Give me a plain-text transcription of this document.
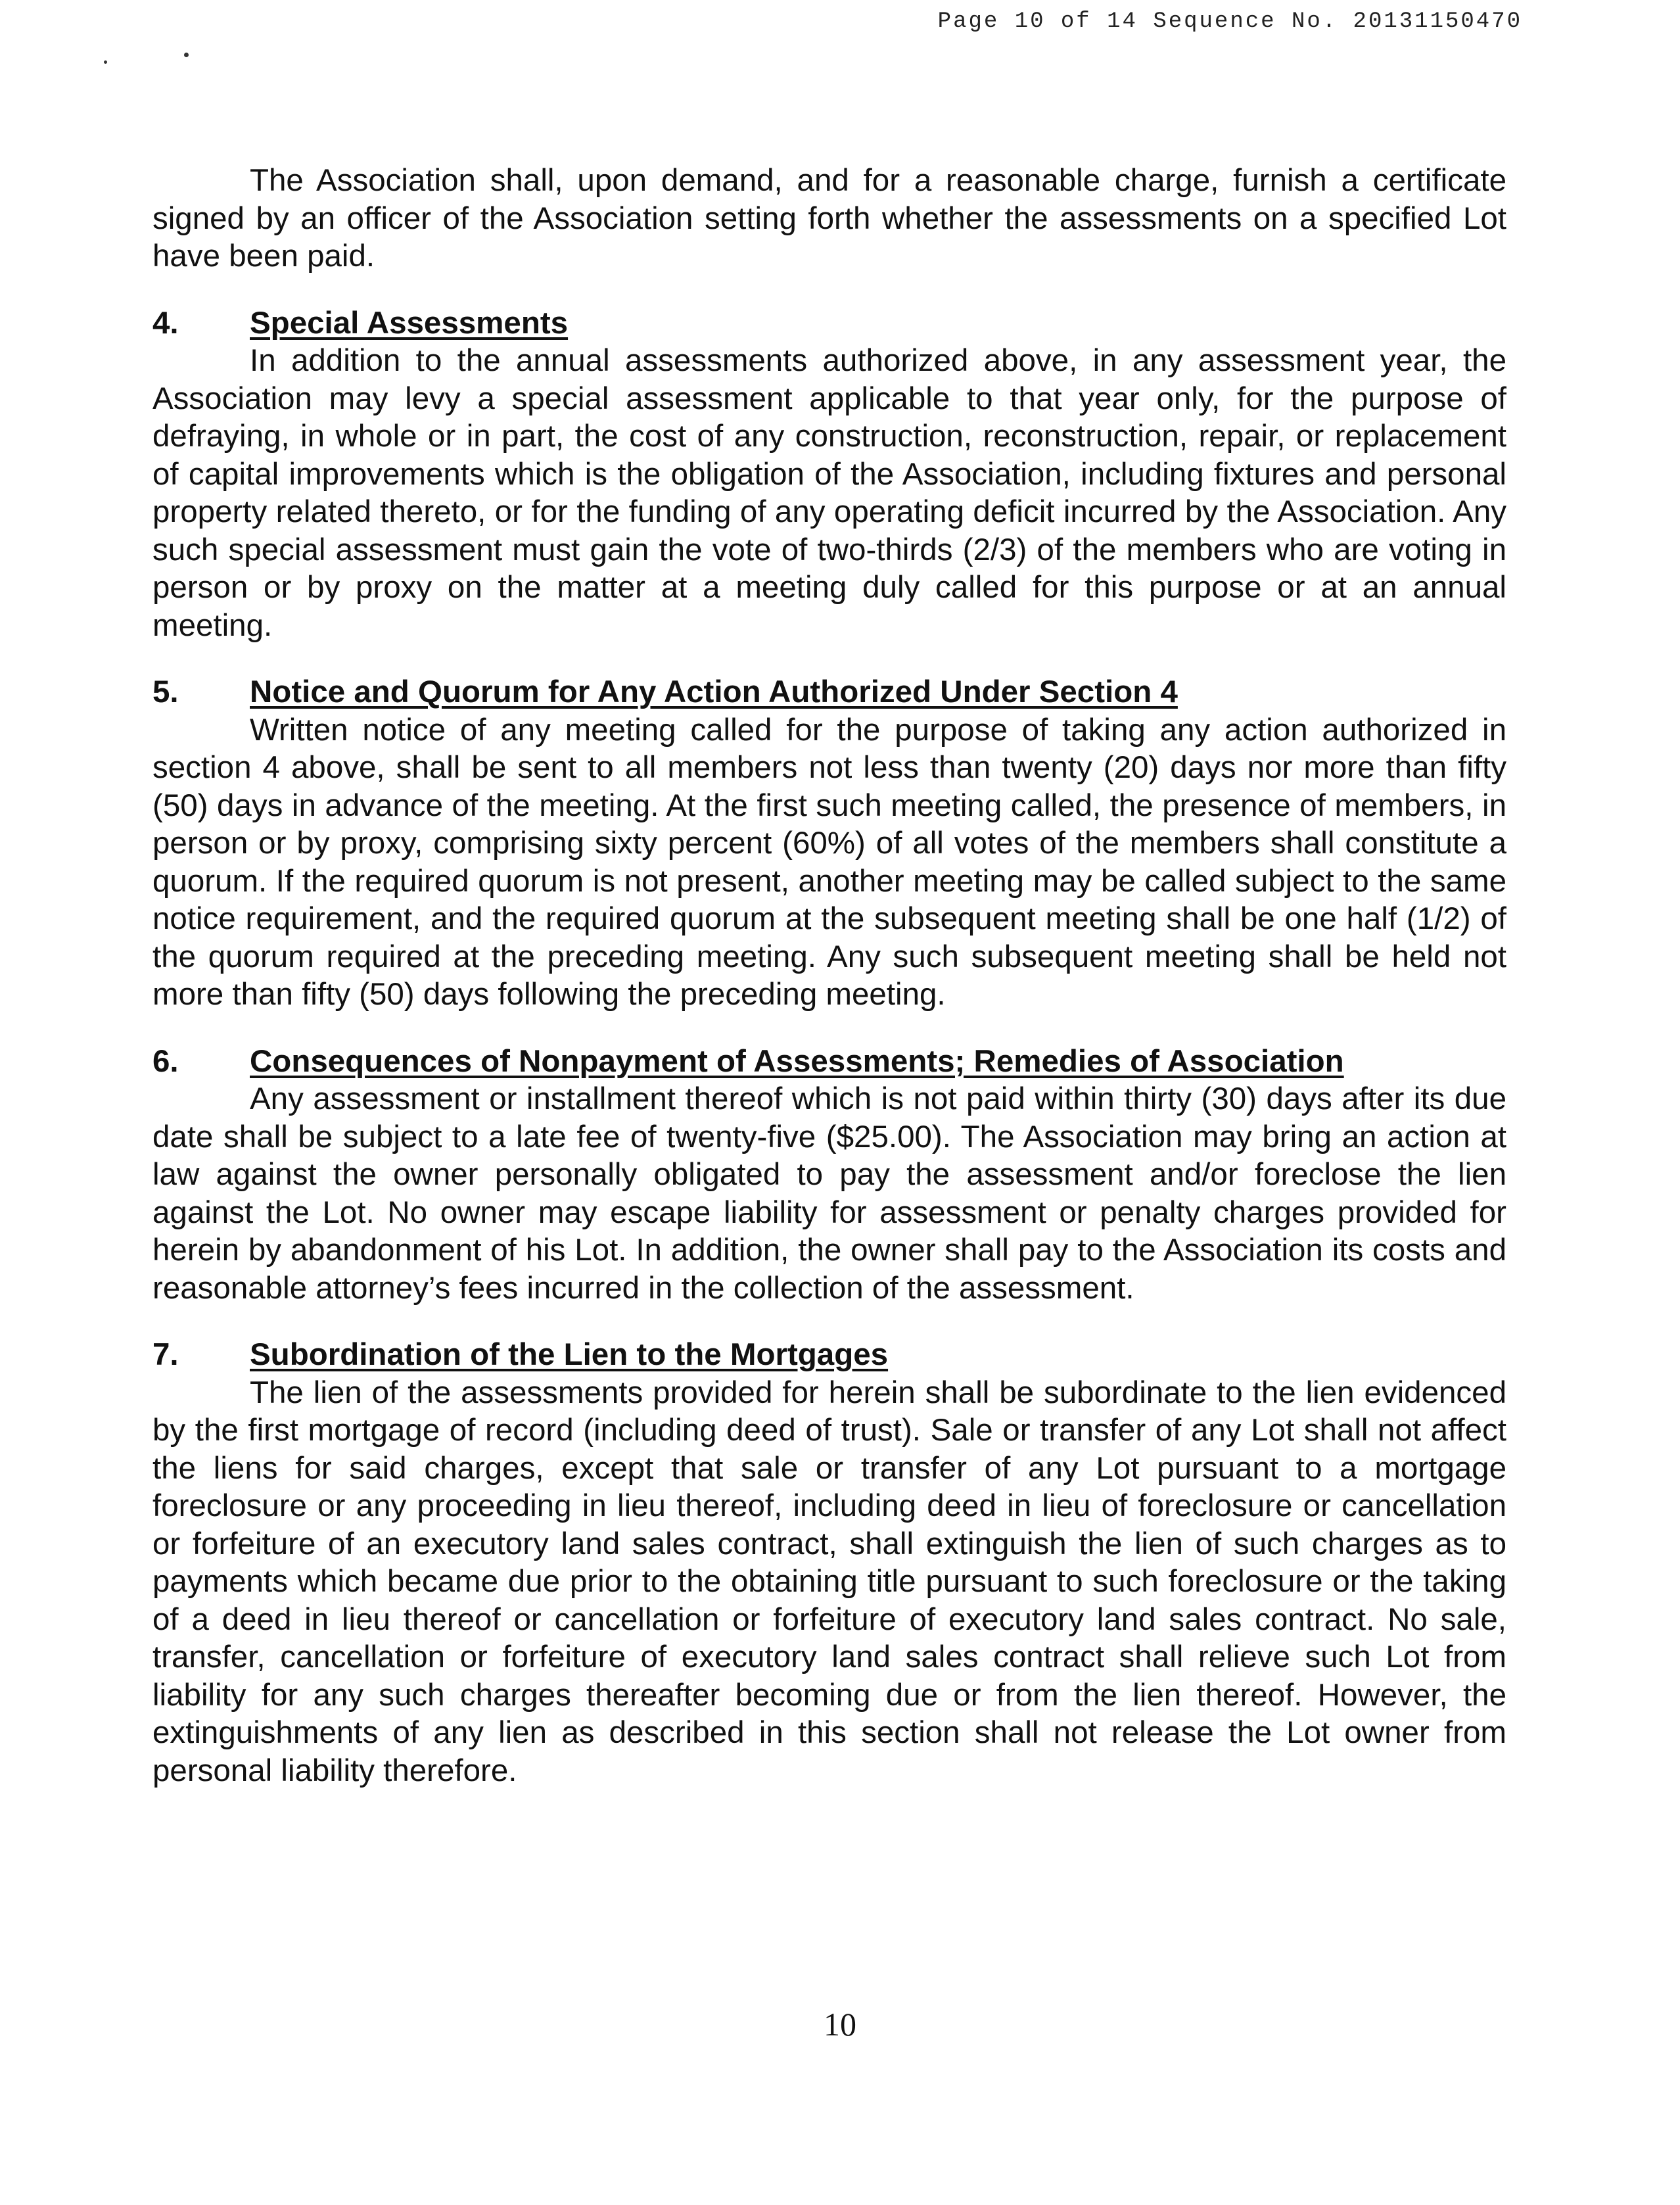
Page 10 of 14 Sequence No. 20131150470

The Association shall, upon demand, and for a reasonable charge, furnish a certificate signed by an officer of the Association setting forth whether the assessments on a specified Lot have been paid.

4.	Special Assessments

In addition to the annual assessments authorized above, in any assessment year, the Association may levy a special assessment applicable to that year only, for the purpose of defraying, in whole or in part, the cost of any construction, reconstruction, repair, or replacement of capital improvements which is the obligation of the Association, including fixtures and personal property related thereto, or for the funding of any operating deficit incurred by the Association. Any such special assessment must gain the vote of two-thirds (2/3) of the members who are voting in person or by proxy on the matter at a meeting duly called for this purpose or at an annual meeting.

5.	Notice and Quorum for Any Action Authorized Under Section 4

Written notice of any meeting called for the purpose of taking any action authorized in section 4 above, shall be sent to all members not less than twenty (20) days nor more than fifty (50) days in advance of the meeting. At the first such meeting called, the presence of members, in person or by proxy, comprising sixty percent (60%) of all votes of the members shall constitute a quorum. If the required quorum is not present, another meeting may be called subject to the same notice requirement, and the required quorum at the subsequent meeting shall be one half (1/2) of the quorum required at the preceding meeting. Any such subsequent meeting shall be held not more than fifty (50) days following the preceding meeting.

6.	Consequences of Nonpayment of Assessments; Remedies of Association

Any assessment or installment thereof which is not paid within thirty (30) days after its due date shall be subject to a late fee of twenty-five ($25.00). The Association may bring an action at law against the owner personally obligated to pay the assessment and/or foreclose the lien against the Lot. No owner may escape liability for assessment or penalty charges provided for herein by abandonment of his Lot. In addition, the owner shall pay to the Association its costs and reasonable attorney’s fees incurred in the collection of the assessment.

7.	Subordination of the Lien to the Mortgages

The lien of the assessments provided for herein shall be subordinate to the lien evidenced by the first mortgage of record (including deed of trust). Sale or transfer of any Lot shall not affect the liens for said charges, except that sale or transfer of any Lot pursuant to a mortgage foreclosure or any proceeding in lieu thereof, including deed in lieu of foreclosure or cancellation or forfeiture of an executory land sales contract, shall extinguish the lien of such charges as to payments which became due prior to the obtaining title pursuant to such foreclosure or the taking of a deed in lieu thereof or cancellation or forfeiture of executory land sales contract. No sale, transfer, cancellation or forfeiture of executory land sales contract shall relieve such Lot from liability for any such charges thereafter becoming due or from the lien thereof. However, the extinguishments of any lien as described in this section shall not release the Lot owner from personal liability therefore.

10
